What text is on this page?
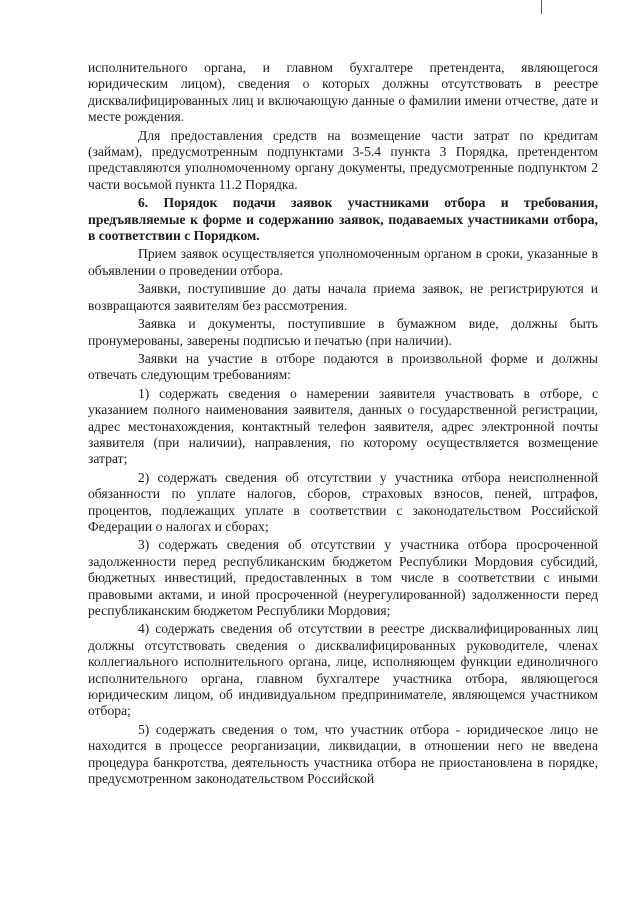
исполнительного органа, и главном бухгалтере претендента, являющегося юридическим лицом), сведения о которых должны отсутствовать в реестре дисквалифицированных лиц и включающую данные о фамилии имени отчестве, дате и месте рождения.

Для предоставления средств на возмещение части затрат по кредитам (займам), предусмотренным подпунктами 3-5.4 пункта 3 Порядка, претендентом представляются уполномоченному органу документы, предусмотренные подпунктом 2 части восьмой пункта 11.2 Порядка.

6. Порядок подачи заявок участниками отбора и требования, предъявляемые к форме и содержанию заявок, подаваемых участниками отбора, в соответствии с Порядком.

Прием заявок осуществляется уполномоченным органом в сроки, указанные в объявлении о проведении отбора.

Заявки, поступившие до даты начала приема заявок, не регистрируются и возвращаются заявителям без рассмотрения.

Заявка и документы, поступившие в бумажном виде, должны быть пронумерованы, заверены подписью и печатью (при наличии).

Заявки на участие в отборе подаются в произвольной форме и должны отвечать следующим требованиям:

1) содержать сведения о намерении заявителя участвовать в отборе, с указанием полного наименования заявителя, данных о государственной регистрации, адрес местонахождения, контактный телефон заявителя, адрес электронной почты заявителя (при наличии), направления, по которому осуществляется возмещение затрат;

2) содержать сведения об отсутствии у участника отбора неисполненной обязанности по уплате налогов, сборов, страховых взносов, пеней, штрафов, процентов, подлежащих уплате в соответствии с законодательством Российской Федерации о налогах и сборах;

3) содержать сведения об отсутствии у участника отбора просроченной задолженности перед республиканским бюджетом Республики Мордовия субсидий, бюджетных инвестиций, предоставленных в том числе в соответствии с иными правовыми актами, и иной просроченной (неурегулированной) задолженности перед республиканским бюджетом Республики Мордовия;

4) содержать сведения об отсутствии в реестре дисквалифицированных лиц должны отсутствовать сведения о дисквалифицированных руководителе, членах коллегиального исполнительного органа, лице, исполняющем функции единоличного исполнительного органа, главном бухгалтере участника отбора, являющегося юридическим лицом, об индивидуальном предпринимателе, являющемся участником отбора;

5) содержать сведения о том, что участник отбора - юридическое лицо не находится в процессе реорганизации, ликвидации, в отношении него не введена процедура банкротства, деятельность участника отбора не приостановлена в порядке, предусмотренном законодательством Российской
